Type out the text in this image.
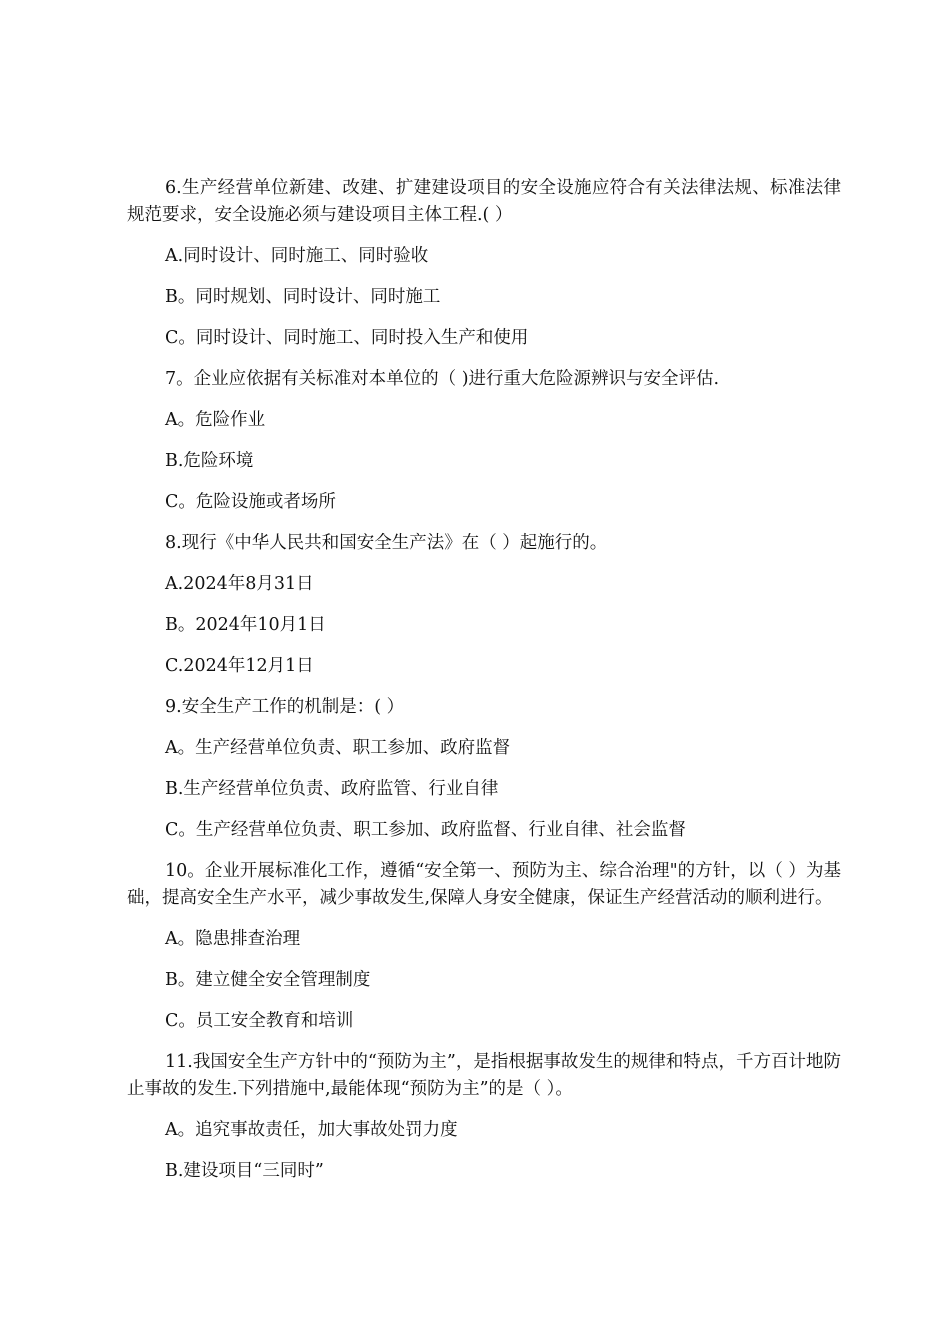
6.生产经营单位新建、改建、扩建建设项目的安全设施应符合有关法律法规、标准法律规范要求，安全设施必须与建设项目主体工程.( ）

A.同时设计、同时施工、同时验收

B。同时规划、同时设计、同时施工

C。同时设计、同时施工、同时投入生产和使用

7。企业应依据有关标准对本单位的（ )进行重大危险源辨识与安全评估.

A。危险作业

B.危险环境

C。危险设施或者场所

8.现行《中华人民共和国安全生产法》在（ ）起施行的。

A.2024年8月31日

B。2024年10月1日

C.2024年12月1日

9.安全生产工作的机制是：( ）

A。生产经营单位负责、职工参加、政府监督

B.生产经营单位负责、政府监管、行业自律

C。生产经营单位负责、职工参加、政府监督、行业自律、社会监督

10。企业开展标准化工作，遵循“安全第一、预防为主、综合治理"的方针，以（ ）为基础，提高安全生产水平，减少事故发生,保障人身安全健康，保证生产经营活动的顺利进行。

A。隐患排查治理

B。建立健全安全管理制度

C。员工安全教育和培训

11.我国安全生产方针中的“预防为主”，是指根据事故发生的规律和特点，千方百计地防止事故的发生.下列措施中,最能体现“预防为主”的是（ ）。

A。追究事故责任，加大事故处罚力度

B.建设项目“三同时”
